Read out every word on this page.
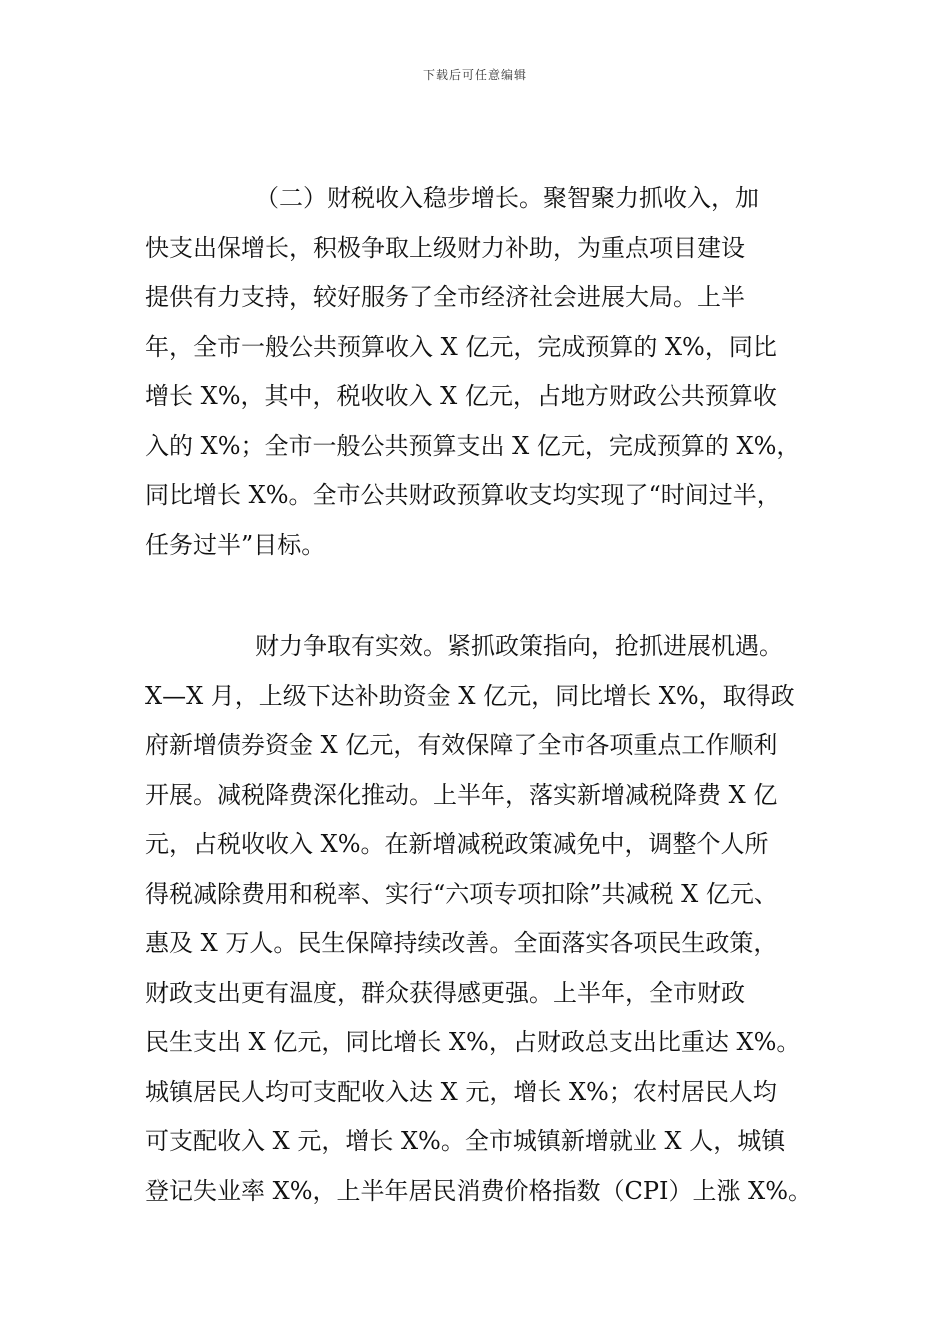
下载后可任意编辑
（二）财税收入稳步增长。聚智聚力抓收入，加
快支出保增长，积极争取上级财力补助，为重点项目建设
提供有力支持，较好服务了全市经济社会进展大局。上半
年，全市一般公共预算收入 X 亿元，完成预算的 X%，同比
增长 X%，其中，税收收入 X 亿元，占地方财政公共预算收
入的 X%；全市一般公共预算支出 X 亿元，完成预算的 X%，
同比增长 X%。全市公共财政预算收支均实现了“时间过半，
任务过半”目标。
财力争取有实效。紧抓政策指向，抢抓进展机遇。
X—X 月，上级下达补助资金 X 亿元，同比增长 X%，取得政
府新增债券资金 X 亿元，有效保障了全市各项重点工作顺利
开展。减税降费深化推动。上半年，落实新增减税降费 X 亿
元，占税收收入 X%。在新增减税政策减免中，调整个人所
得税减除费用和税率、实行“六项专项扣除”共减税 X 亿元、
惠及 X 万人。民生保障持续改善。全面落实各项民生政策，
财政支出更有温度，群众获得感更强。上半年，全市财政
民生支出 X 亿元，同比增长 X%，占财政总支出比重达 X%。
城镇居民人均可支配收入达 X 元，增长 X%；农村居民人均
可支配收入 X 元，增长 X%。全市城镇新增就业 X 人，城镇
登记失业率 X%，上半年居民消费价格指数（CPI）上涨 X%。
